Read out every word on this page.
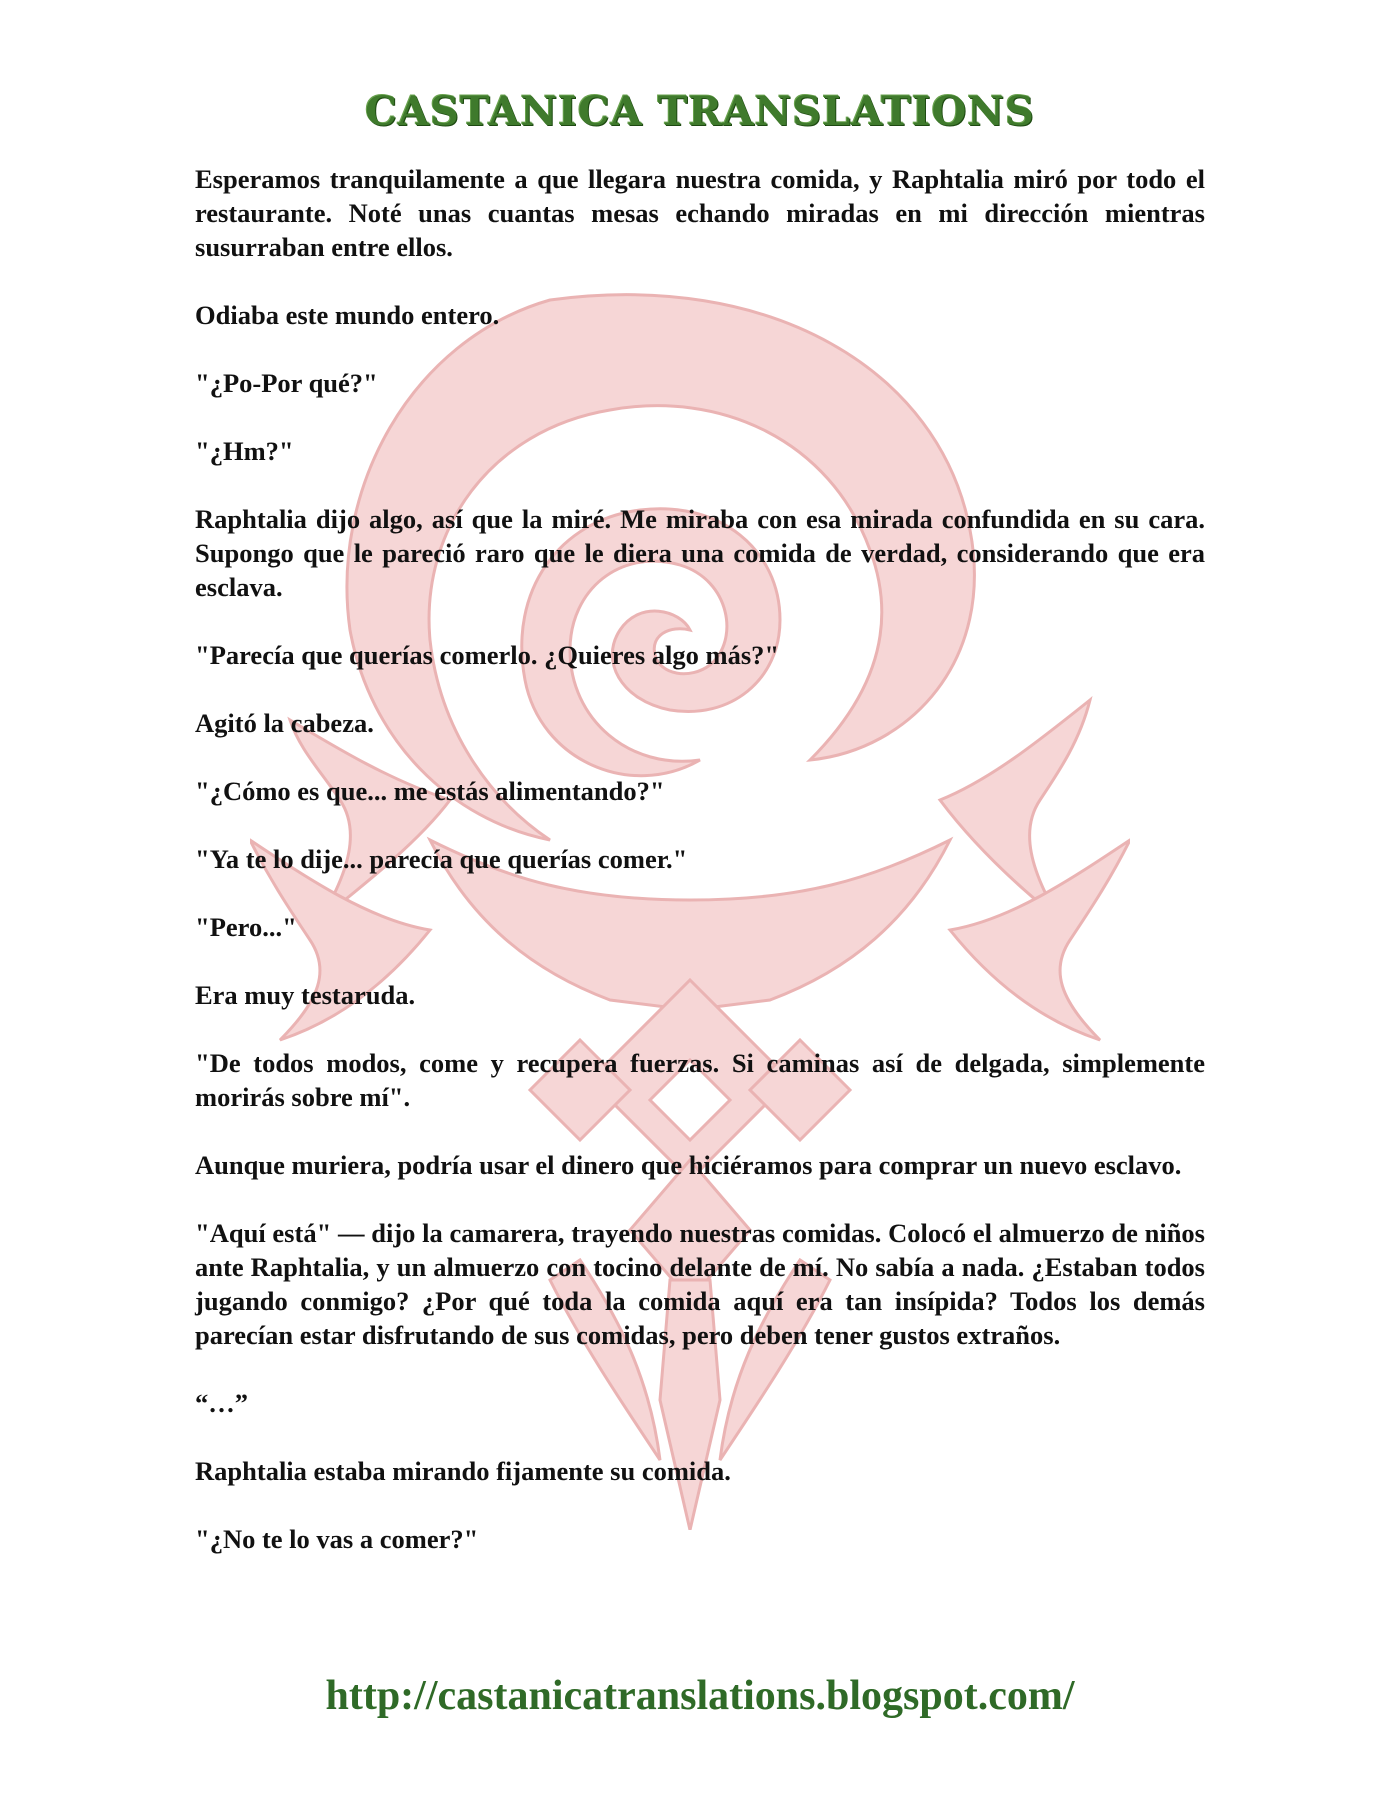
CASTANICA TRANSLATIONS

Esperamos tranquilamente a que llegara nuestra comida, y Raphtalia miró por todo el restaurante. Noté unas cuantas mesas echando miradas en mi dirección mientras susurraban entre ellos.

Odiaba este mundo entero.

"¿Po-Por qué?"

"¿Hm?"

Raphtalia dijo algo, así que la miré. Me miraba con esa mirada confundida en su cara. Supongo que le pareció raro que le diera una comida de verdad, considerando que era esclava.

"Parecía que querías comerlo. ¿Quieres algo más?"

Agitó la cabeza.

"¿Cómo es que... me estás alimentando?"

"Ya te lo dije... parecía que querías comer."

"Pero..."

Era muy testaruda.

"De todos modos, come y recupera fuerzas. Si caminas así de delgada, simplemente morirás sobre mí".

Aunque muriera, podría usar el dinero que hiciéramos para comprar un nuevo esclavo.

"Aquí está" — dijo la camarera, trayendo nuestras comidas. Colocó el almuerzo de niños ante Raphtalia, y un almuerzo con tocino delante de mí. No sabía a nada. ¿Estaban todos jugando conmigo? ¿Por qué toda la comida aquí era tan insípida? Todos los demás parecían estar disfrutando de sus comidas, pero deben tener gustos extraños.

“…”

Raphtalia estaba mirando fijamente su comida.

"¿No te lo vas a comer?"

http://castanicatranslations.blogspot.com/
